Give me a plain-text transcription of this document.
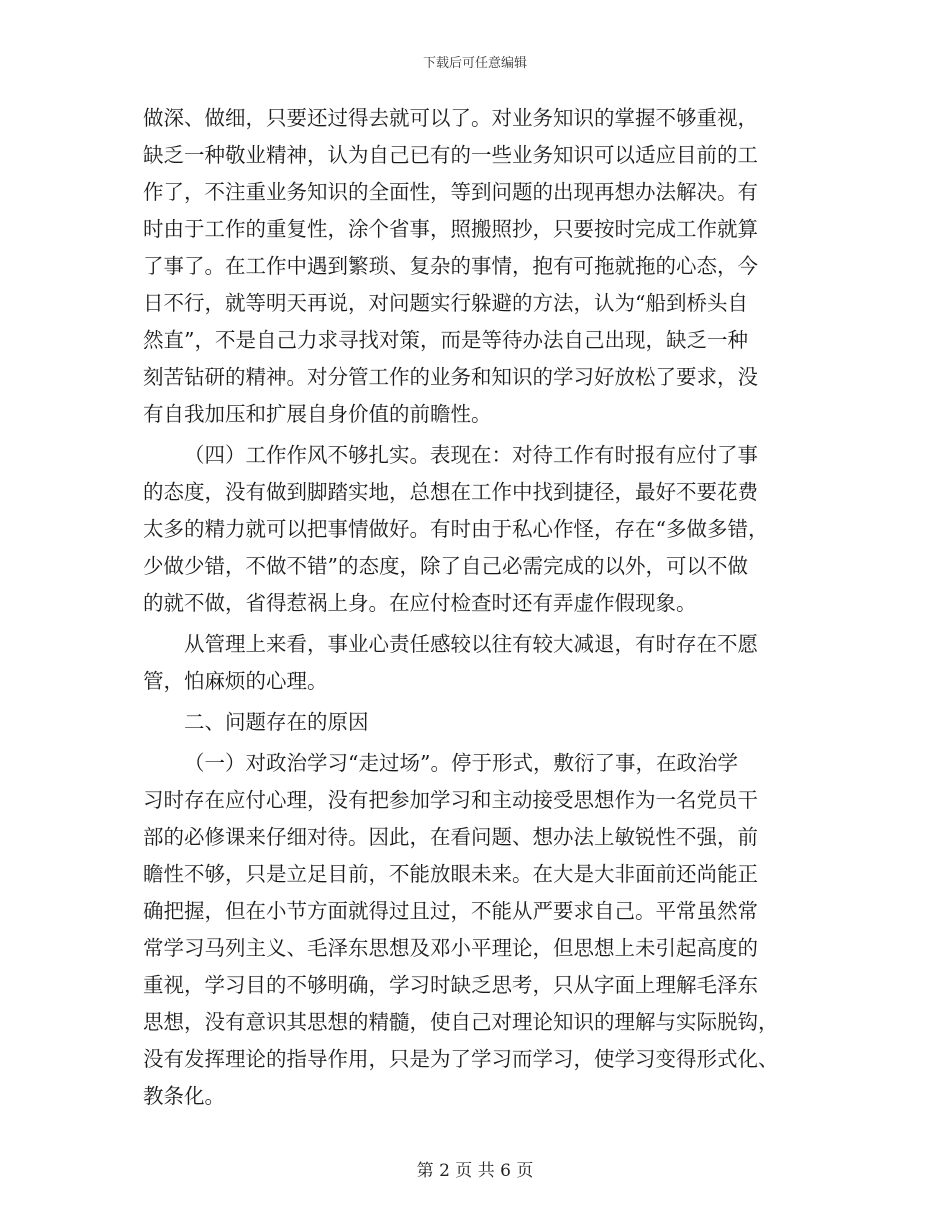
下载后可任意编辑
做深、做细，只要还过得去就可以了。对业务知识的掌握不够重视，
缺乏一种敬业精神，认为自己已有的一些业务知识可以适应目前的工
作了，不注重业务知识的全面性，等到问题的出现再想办法解决。有
时由于工作的重复性，涂个省事，照搬照抄，只要按时完成工作就算
了事了。在工作中遇到繁琐、复杂的事情，抱有可拖就拖的心态，今
日不行，就等明天再说，对问题实行躲避的方法，认为“船到桥头自
然直”，不是自己力求寻找对策，而是等待办法自己出现，缺乏一种
刻苦钻研的精神。对分管工作的业务和知识的学习好放松了要求，没
有自我加压和扩展自身价值的前瞻性。
（四）工作作风不够扎实。表现在：对待工作有时报有应付了事
的态度，没有做到脚踏实地，总想在工作中找到捷径，最好不要花费
太多的精力就可以把事情做好。有时由于私心作怪，存在“多做多错，
少做少错，不做不错”的态度，除了自己必需完成的以外，可以不做
的就不做，省得惹祸上身。在应付检查时还有弄虚作假现象。
从管理上来看，事业心责任感较以往有较大减退，有时存在不愿
管，怕麻烦的心理。
二、问题存在的原因
（一）对政治学习“走过场”。停于形式，敷衍了事，在政治学
习时存在应付心理，没有把参加学习和主动接受思想作为一名党员干
部的必修课来仔细对待。因此，在看问题、想办法上敏锐性不强，前
瞻性不够，只是立足目前，不能放眼未来。在大是大非面前还尚能正
确把握，但在小节方面就得过且过，不能从严要求自己。平常虽然常
常学习马列主义、毛泽东思想及邓小平理论，但思想上未引起高度的
重视，学习目的不够明确，学习时缺乏思考，只从字面上理解毛泽东
思想，没有意识其思想的精髓，使自己对理论知识的理解与实际脱钩，
没有发挥理论的指导作用，只是为了学习而学习，使学习变得形式化、
教条化。
第 2 页 共 6 页
